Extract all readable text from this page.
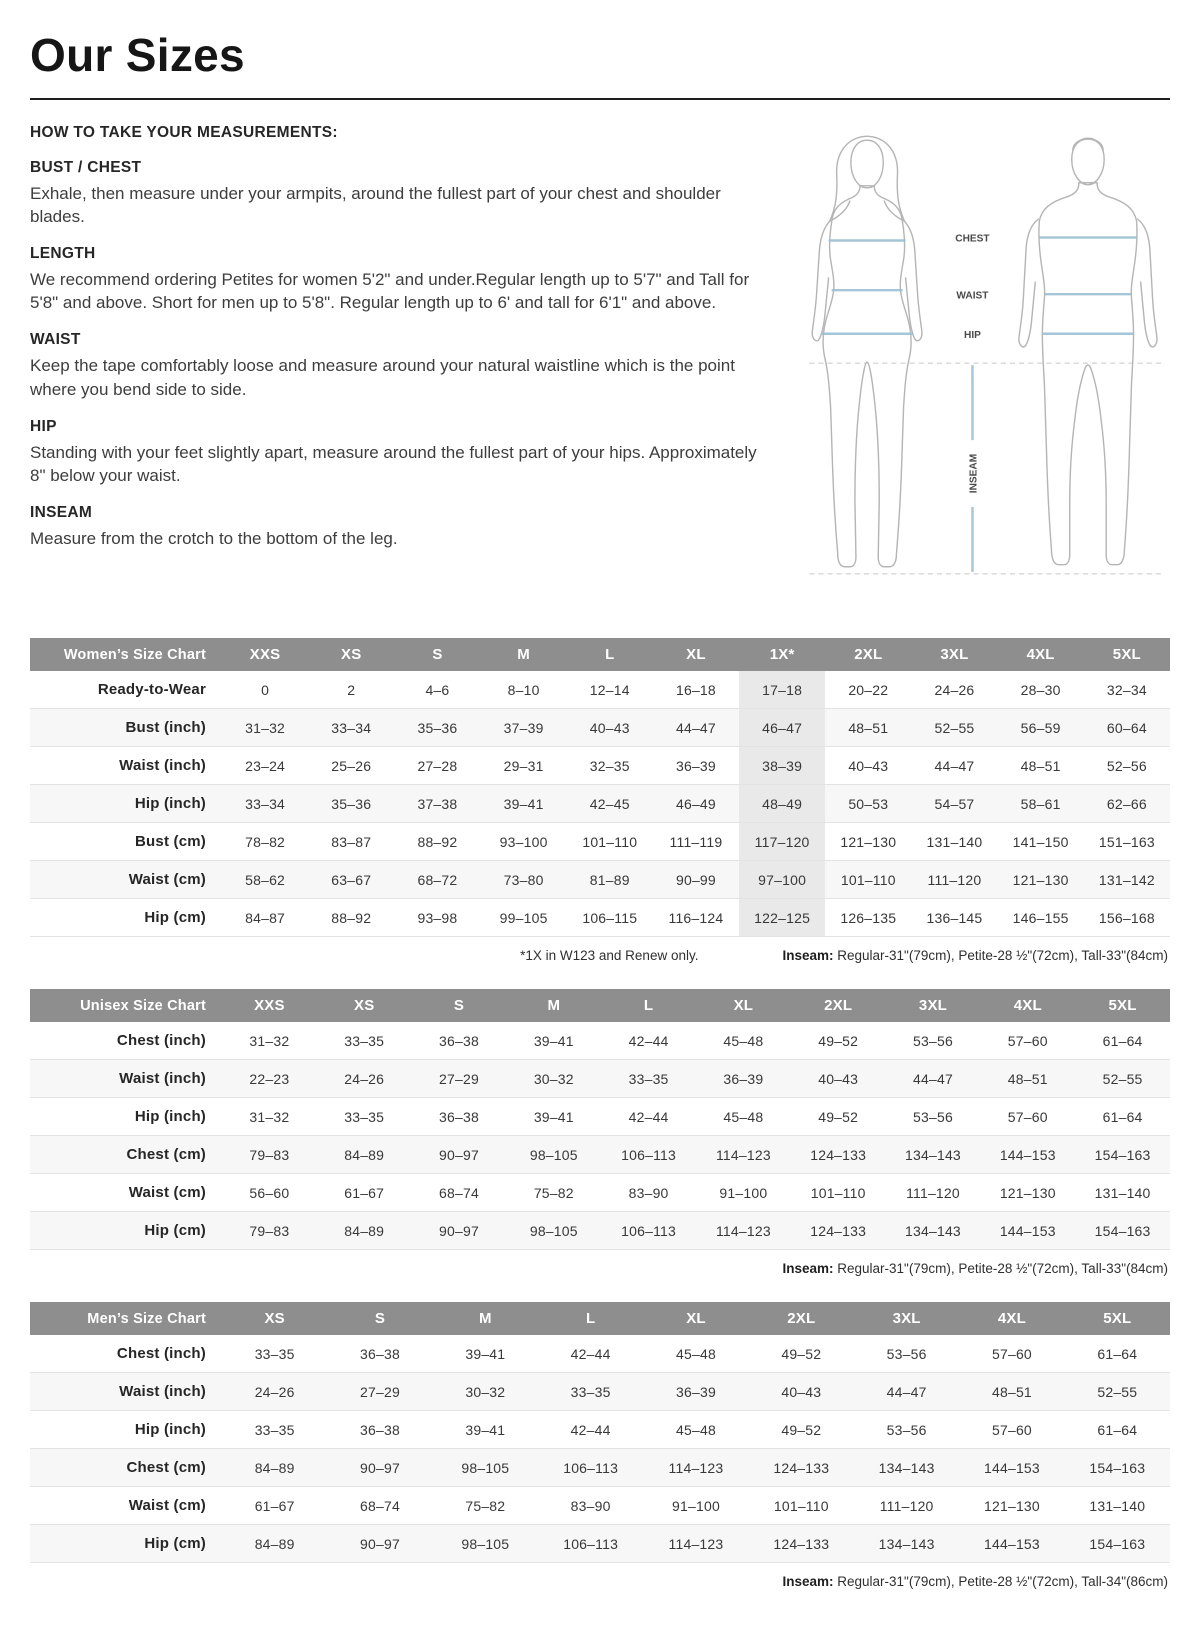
Our Sizes

HOW TO TAKE YOUR MEASUREMENTS:

BUST / CHEST

Exhale, then measure under your armpits, around the fullest part of your chest and shoulder blades.

LENGTH

We recommend ordering Petites for women 5'2" and under.Regular length up to 5'7" and Tall for 5'8" and above. Short for men up to 5'8". Regular length up to 6' and tall for 6'1" and above.

WAIST

Keep the tape comfortably loose and measure around your natural waistline which is the point where you bend side to side.

HIP

Standing with your feet slightly apart, measure around the fullest part of your hips. Approximately 8" below your waist.

INSEAM

Measure from the crotch to the bottom of the leg.

CHEST
WAIST
HIP
INSEAM
Women’s Size Chart	XXS	XS	S	M	L	XL	1X*	2XL	3XL	4XL	5XL
Ready-to-Wear	0	2	4–6	8–10	12–14	16–18	17–18	20–22	24–26	28–30	32–34
Bust (inch)	31–32	33–34	35–36	37–39	40–43	44–47	46–47	48–51	52–55	56–59	60–64
Waist (inch)	23–24	25–26	27–28	29–31	32–35	36–39	38–39	40–43	44–47	48–51	52–56
Hip (inch)	33–34	35–36	37–38	39–41	42–45	46–49	48–49	50–53	54–57	58–61	62–66
Bust (cm)	78–82	83–87	88–92	93–100	101–110	111–119	117–120	121–130	131–140	141–150	151–163
Waist (cm)	58–62	63–67	68–72	73–80	81–89	90–99	97–100	101–110	111–120	121–130	131–142
Hip (cm)	84–87	88–92	93–98	99–105	106–115	116–124	122–125	126–135	136–145	146–155	156–168
*1X in W123 and Renew only.	Inseam: Regular-31"(79cm), Petite-28 ½"(72cm), Tall-33"(84cm)
Unisex Size Chart	XXS	XS	S	M	L	XL	2XL	3XL	4XL	5XL
Chest (inch)	31–32	33–35	36–38	39–41	42–44	45–48	49–52	53–56	57–60	61–64
Waist (inch)	22–23	24–26	27–29	30–32	33–35	36–39	40–43	44–47	48–51	52–55
Hip (inch)	31–32	33–35	36–38	39–41	42–44	45–48	49–52	53–56	57–60	61–64
Chest (cm)	79–83	84–89	90–97	98–105	106–113	114–123	124–133	134–143	144–153	154–163
Waist (cm)	56–60	61–67	68–74	75–82	83–90	91–100	101–110	111–120	121–130	131–140
Hip (cm)	79–83	84–89	90–97	98–105	106–113	114–123	124–133	134–143	144–153	154–163
Inseam: Regular-31"(79cm), Petite-28 ½"(72cm), Tall-33"(84cm)
Men’s Size Chart	XS	S	M	L	XL	2XL	3XL	4XL	5XL
Chest (inch)	33–35	36–38	39–41	42–44	45–48	49–52	53–56	57–60	61–64
Waist (inch)	24–26	27–29	30–32	33–35	36–39	40–43	44–47	48–51	52–55
Hip (inch)	33–35	36–38	39–41	42–44	45–48	49–52	53–56	57–60	61–64
Chest (cm)	84–89	90–97	98–105	106–113	114–123	124–133	134–143	144–153	154–163
Waist (cm)	61–67	68–74	75–82	83–90	91–100	101–110	111–120	121–130	131–140
Hip (cm)	84–89	90–97	98–105	106–113	114–123	124–133	134–143	144–153	154–163
Inseam: Regular-31"(79cm), Petite-28 ½"(72cm), Tall-34"(86cm)
